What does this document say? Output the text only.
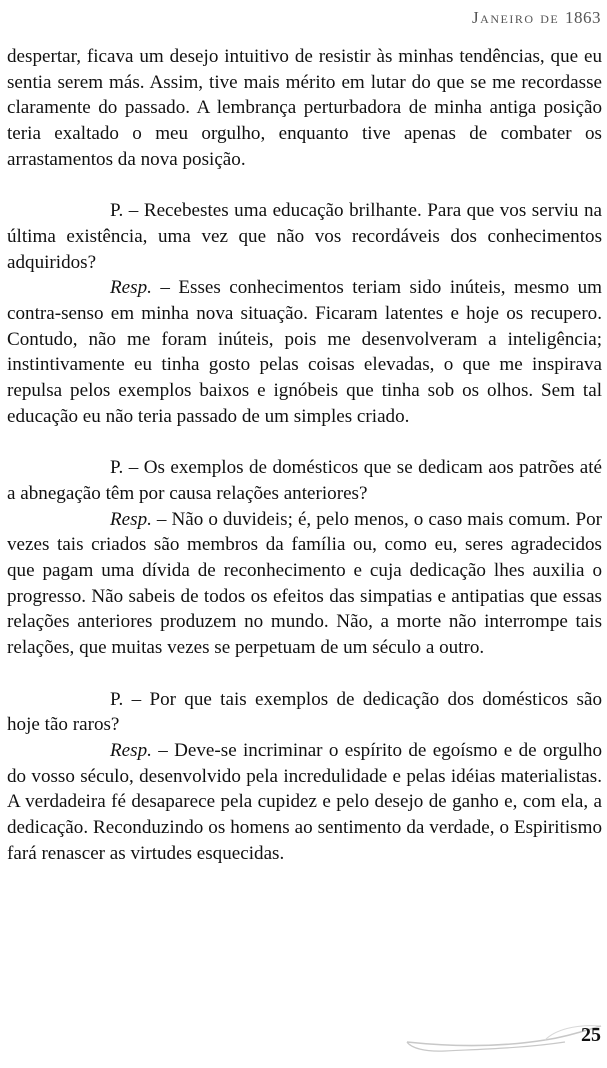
Janeiro de 1863

despertar, ficava um desejo intuitivo de resistir às minhas tendências, que eu sentia serem más. Assim, tive mais mérito em lutar do que se me recordasse claramente do passado. A lembrança perturbadora de minha antiga posição teria exaltado o meu orgulho, enquanto tive apenas de combater os arrastamentos da nova posição.

P. – Recebestes uma educação brilhante. Para que vos serviu na última existência, uma vez que não vos recordáveis dos conhecimentos adquiridos?

Resp. – Esses conhecimentos teriam sido inúteis, mesmo um contra-senso em minha nova situação. Ficaram latentes e hoje os recupero. Contudo, não me foram inúteis, pois me desenvolveram a inteligência; instintivamente eu tinha gosto pelas coisas elevadas, o que me inspirava repulsa pelos exemplos baixos e ignóbeis que tinha sob os olhos. Sem tal educação eu não teria passado de um simples criado.

P. – Os exemplos de domésticos que se dedicam aos patrões até a abnegação têm por causa relações anteriores?

Resp. – Não o duvideis; é, pelo menos, o caso mais comum. Por vezes tais criados são membros da família ou, como eu, seres agradecidos que pagam uma dívida de reconhecimento e cuja dedicação lhes auxilia o progresso. Não sabeis de todos os efeitos das simpatias e antipatias que essas relações anteriores produzem no mundo. Não, a morte não interrompe tais relações, que muitas vezes se perpetuam de um século a outro.

P. – Por que tais exemplos de dedicação dos domésticos são hoje tão raros?

Resp. – Deve-se incriminar o espírito de egoísmo e de orgulho do vosso século, desenvolvido pela incredulidade e pelas idéias materialistas. A verdadeira fé desaparece pela cupidez e pelo desejo de ganho e, com ela, a dedicação. Reconduzindo os homens ao sentimento da verdade, o Espiritismo fará renascer as virtudes esquecidas.

25
